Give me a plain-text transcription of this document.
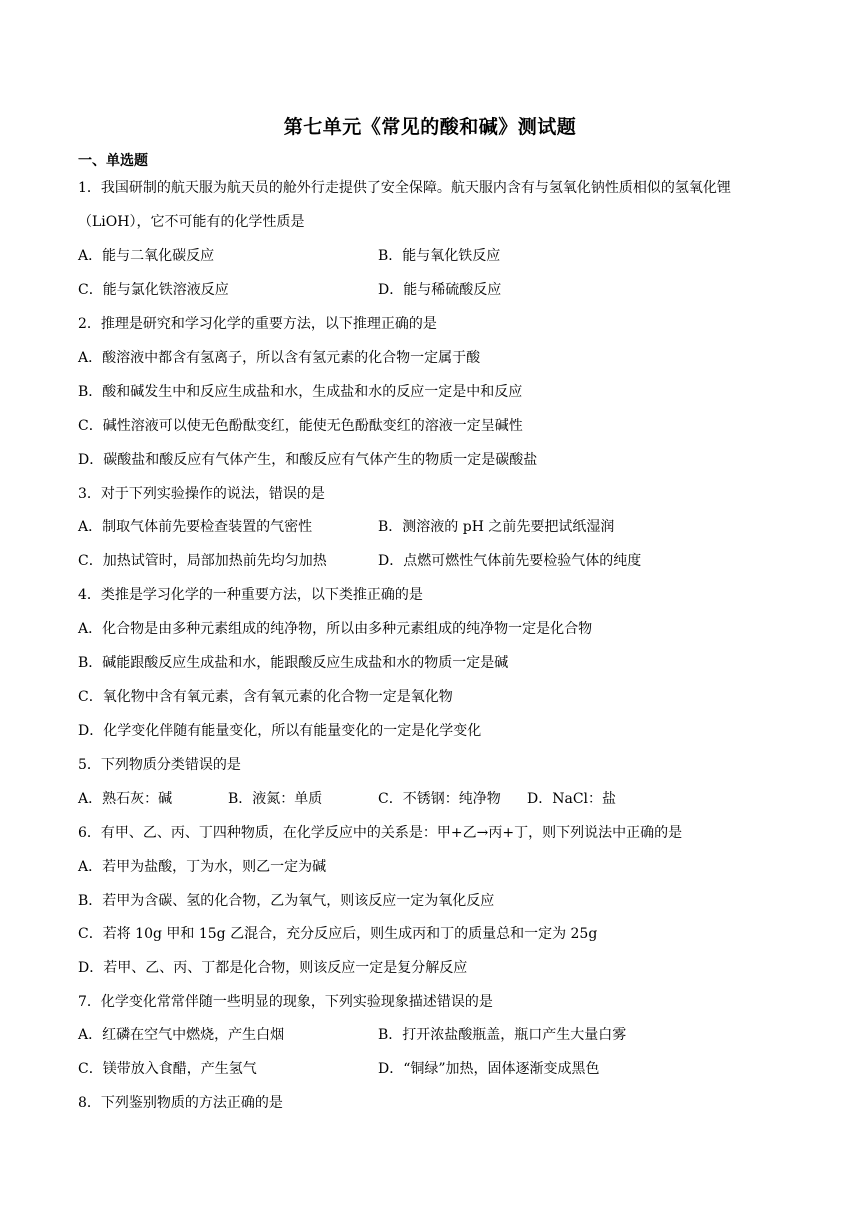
第七单元《常见的酸和碱》测试题
一、单选题
1．我国研制的航天服为航天员的舱外行走提供了安全保障。航天服内含有与氢氧化钠性质相似的氢氧化锂
（LiOH），它不可能有的化学性质是
A．能与二氧化碳反应	B．能与氧化铁反应
C．能与氯化铁溶液反应	D．能与稀硫酸反应
2．推理是研究和学习化学的重要方法，以下推理正确的是
A．酸溶液中都含有氢离子，所以含有氢元素的化合物一定属于酸
B．酸和碱发生中和反应生成盐和水，生成盐和水的反应一定是中和反应
C．碱性溶液可以使无色酚酞变红，能使无色酚酞变红的溶液一定呈碱性
D．碳酸盐和酸反应有气体产生，和酸反应有气体产生的物质一定是碳酸盐
3．对于下列实验操作的说法，错误的是
A．制取气体前先要检查装置的气密性	B．测溶液的 pH 之前先要把试纸湿润
C．加热试管时，局部加热前先均匀加热	D．点燃可燃性气体前先要检验气体的纯度
4．类推是学习化学的一种重要方法，以下类推正确的是
A．化合物是由多种元素组成的纯净物，所以由多种元素组成的纯净物一定是化合物
B．碱能跟酸反应生成盐和水，能跟酸反应生成盐和水的物质一定是碱
C．氧化物中含有氧元素，含有氧元素的化合物一定是氧化物
D．化学变化伴随有能量变化，所以有能量变化的一定是化学变化
5．下列物质分类错误的是
A．熟石灰：碱	B．液氮：单质	C．不锈钢：纯净物 D．NaCl：盐
6．有甲、乙、丙、丁四种物质，在化学反应中的关系是：甲+乙→丙+丁，则下列说法中正确的是
A．若甲为盐酸，丁为水，则乙一定为碱
B．若甲为含碳、氢的化合物，乙为氧气，则该反应一定为氧化反应
C．若将 10g 甲和 15g 乙混合，充分反应后，则生成丙和丁的质量总和一定为 25g
D．若甲、乙、丙、丁都是化合物，则该反应一定是复分解反应
7．化学变化常常伴随一些明显的现象，下列实验现象描述错误的是
A．红磷在空气中燃烧，产生白烟	B．打开浓盐酸瓶盖，瓶口产生大量白雾
C．镁带放入食醋，产生氢气	D．“铜绿”加热，固体逐渐变成黑色
8．下列鉴别物质的方法正确的是
